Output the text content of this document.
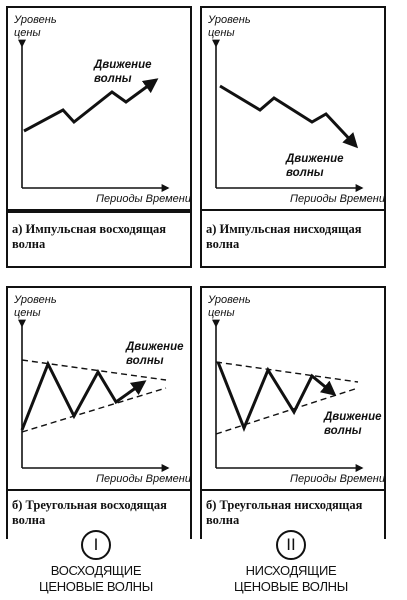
Уровень цены
Движение волны
Периоды Времени
а) Импульсная восходящая волна
Уровень цены
Движение волны
Периоды Времени
а) Импульсная нисходящая волна
Уровень цены
Движение волны
Периоды Времени
б) Треугольная восходящая волна
Уровень цены
Движение волны
Периоды Времени
б) Треугольная нисходящая волна
I
ВОСХОДЯЩИЕ ЦЕНОВЫЕ ВОЛНЫ
II
НИСХОДЯЩИЕ ЦЕНОВЫЕ ВОЛНЫ
